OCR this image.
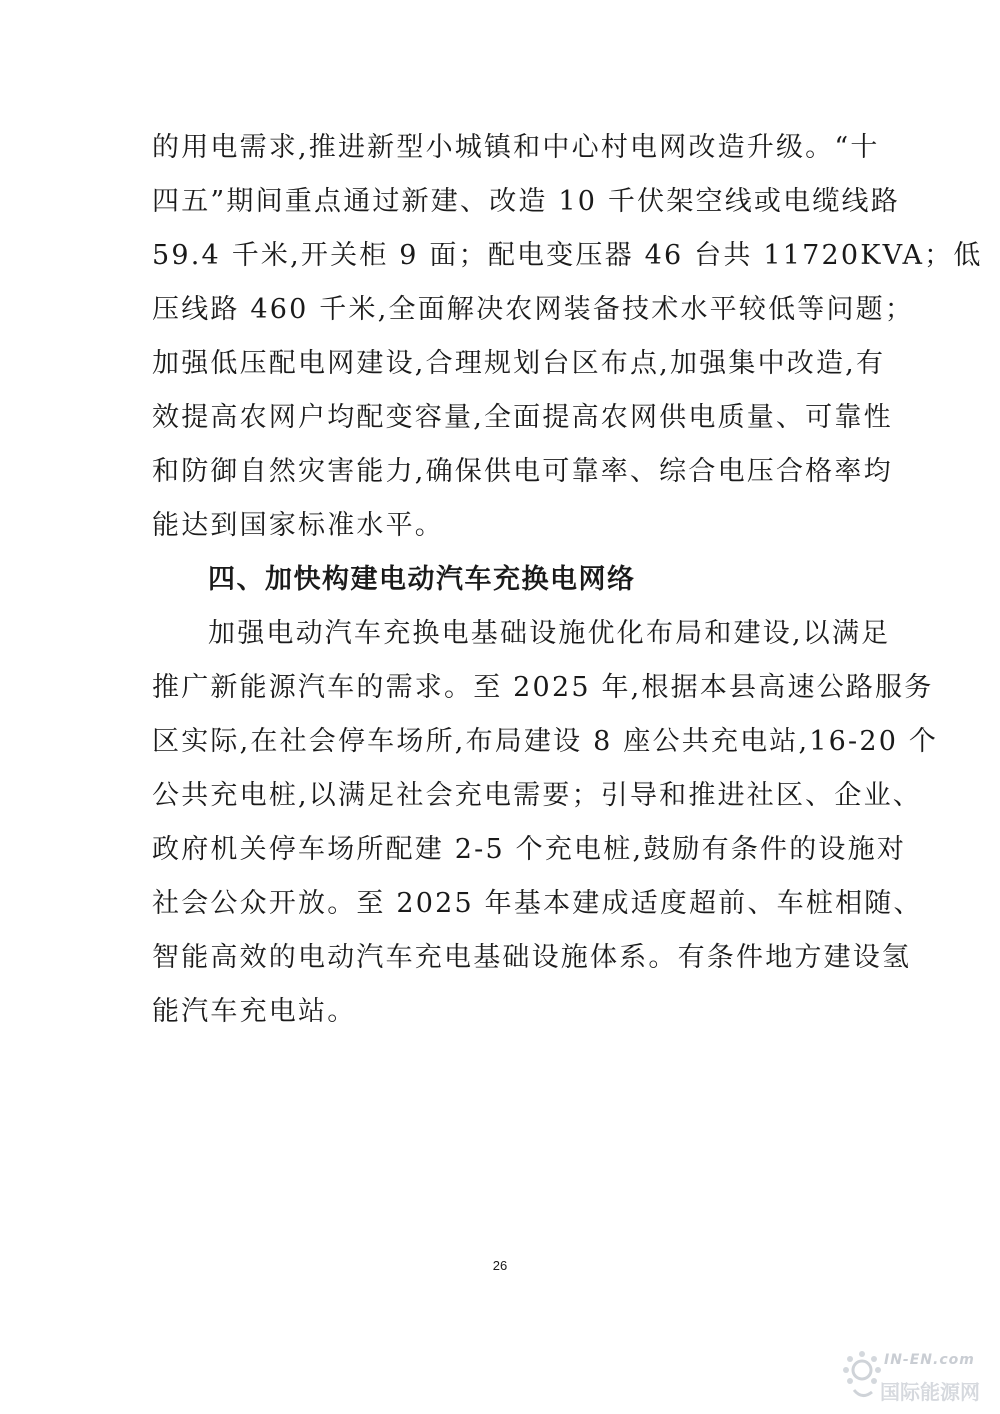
的用电需求,推进新型小城镇和中心村电网改造升级。“十
四五”期间重点通过新建、改造 10 千伏架空线或电缆线路
59.4 千米,开关柜 9 面；配电变压器 46 台共 11720KVA；低
压线路 460 千米,全面解决农网装备技术水平较低等问题；
加强低压配电网建设,合理规划台区布点,加强集中改造,有
效提高农网户均配变容量,全面提高农网供电质量、可靠性
和防御自然灾害能力,确保供电可靠率、综合电压合格率均
能达到国家标准水平。
四、加快构建电动汽车充换电网络
加强电动汽车充换电基础设施优化布局和建设,以满足
推广新能源汽车的需求。至 2025 年,根据本县高速公路服务
区实际,在社会停车场所,布局建设 8 座公共充电站,16-20 个
公共充电桩,以满足社会充电需要；引导和推进社区、企业、
政府机关停车场所配建 2-5 个充电桩,鼓励有条件的设施对
社会公众开放。至 2025 年基本建成适度超前、车桩相随、
智能高效的电动汽车充电基础设施体系。有条件地方建设氢
能汽车充电站。
26
IN-EN.com
国际能源网
